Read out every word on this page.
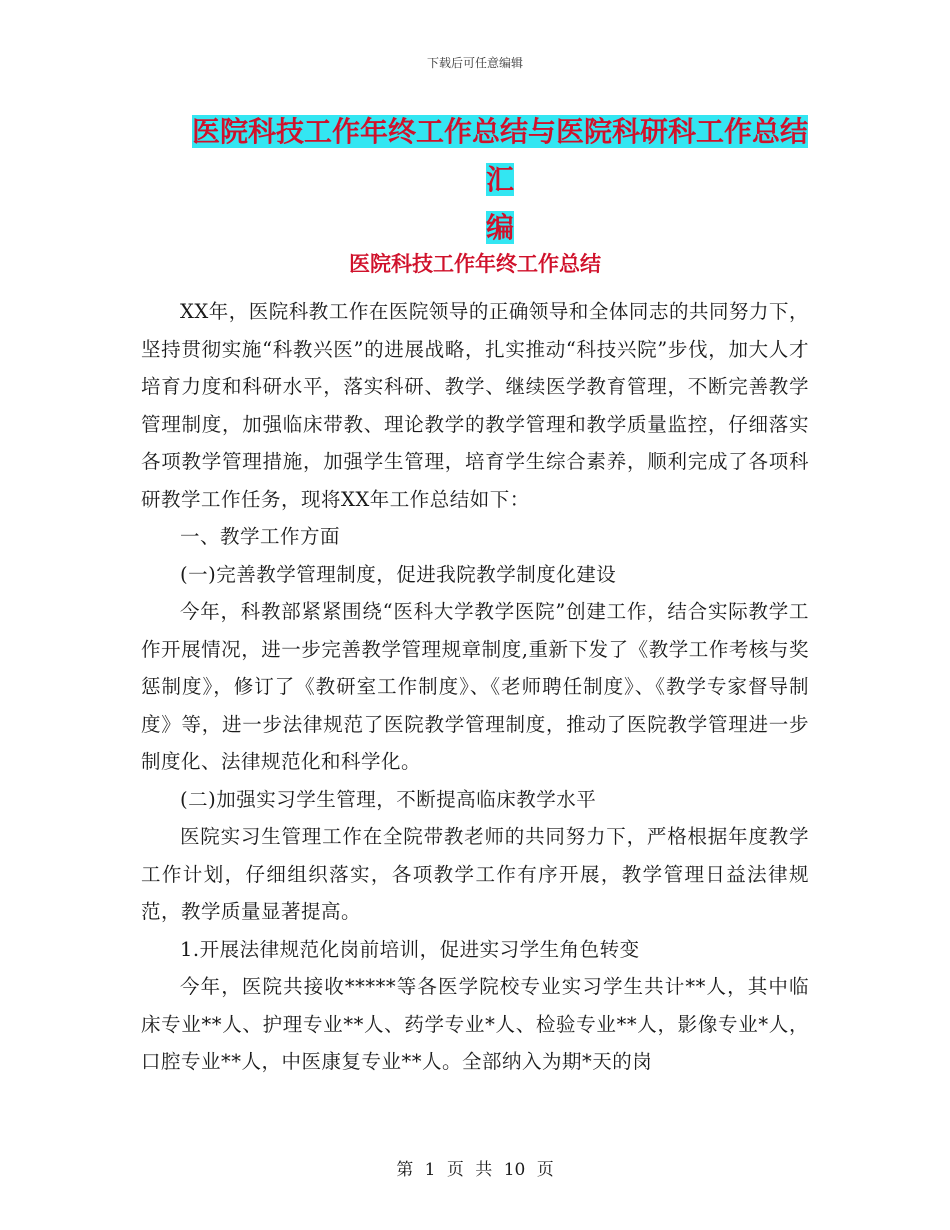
下载后可任意编辑
医院科技工作年终工作总结与医院科研科工作总结汇
编
医院科技工作年终工作总结

XX年，医院科教工作在医院领导的正确领导和全体同志的共同努力下，坚持贯彻实施“科教兴医”的进展战略，扎实推动“科技兴院”步伐，加大人才培育力度和科研水平，落实科研、教学、继续医学教育管理，不断完善教学管理制度，加强临床带教、理论教学的教学管理和教学质量监控，仔细落实各项教学管理措施，加强学生管理，培育学生综合素养，顺利完成了各项科研教学工作任务，现将XX年工作总结如下：

一、教学工作方面

(一)完善教学管理制度，促进我院教学制度化建设

今年，科教部紧紧围绕“医科大学教学医院”创建工作，结合实际教学工作开展情况，进一步完善教学管理规章制度,重新下发了《教学工作考核与奖惩制度》，修订了《教研室工作制度》、《老师聘任制度》、《教学专家督导制度》等，进一步法律规范了医院教学管理制度，推动了医院教学管理进一步制度化、法律规范化和科学化。

(二)加强实习学生管理，不断提高临床教学水平

医院实习生管理工作在全院带教老师的共同努力下，严格根据年度教学工作计划，仔细组织落实，各项教学工作有序开展，教学管理日益法律规范，教学质量显著提高。

1.开展法律规范化岗前培训，促进实习学生角色转变

今年，医院共接收*****等各医学院校专业实习学生共计**人，其中临床专业**人、护理专业**人、药学专业*人、检验专业**人，影像专业*人，口腔专业**人，中医康复专业**人。全部纳入为期*天的岗

第 1 页 共 10 页
